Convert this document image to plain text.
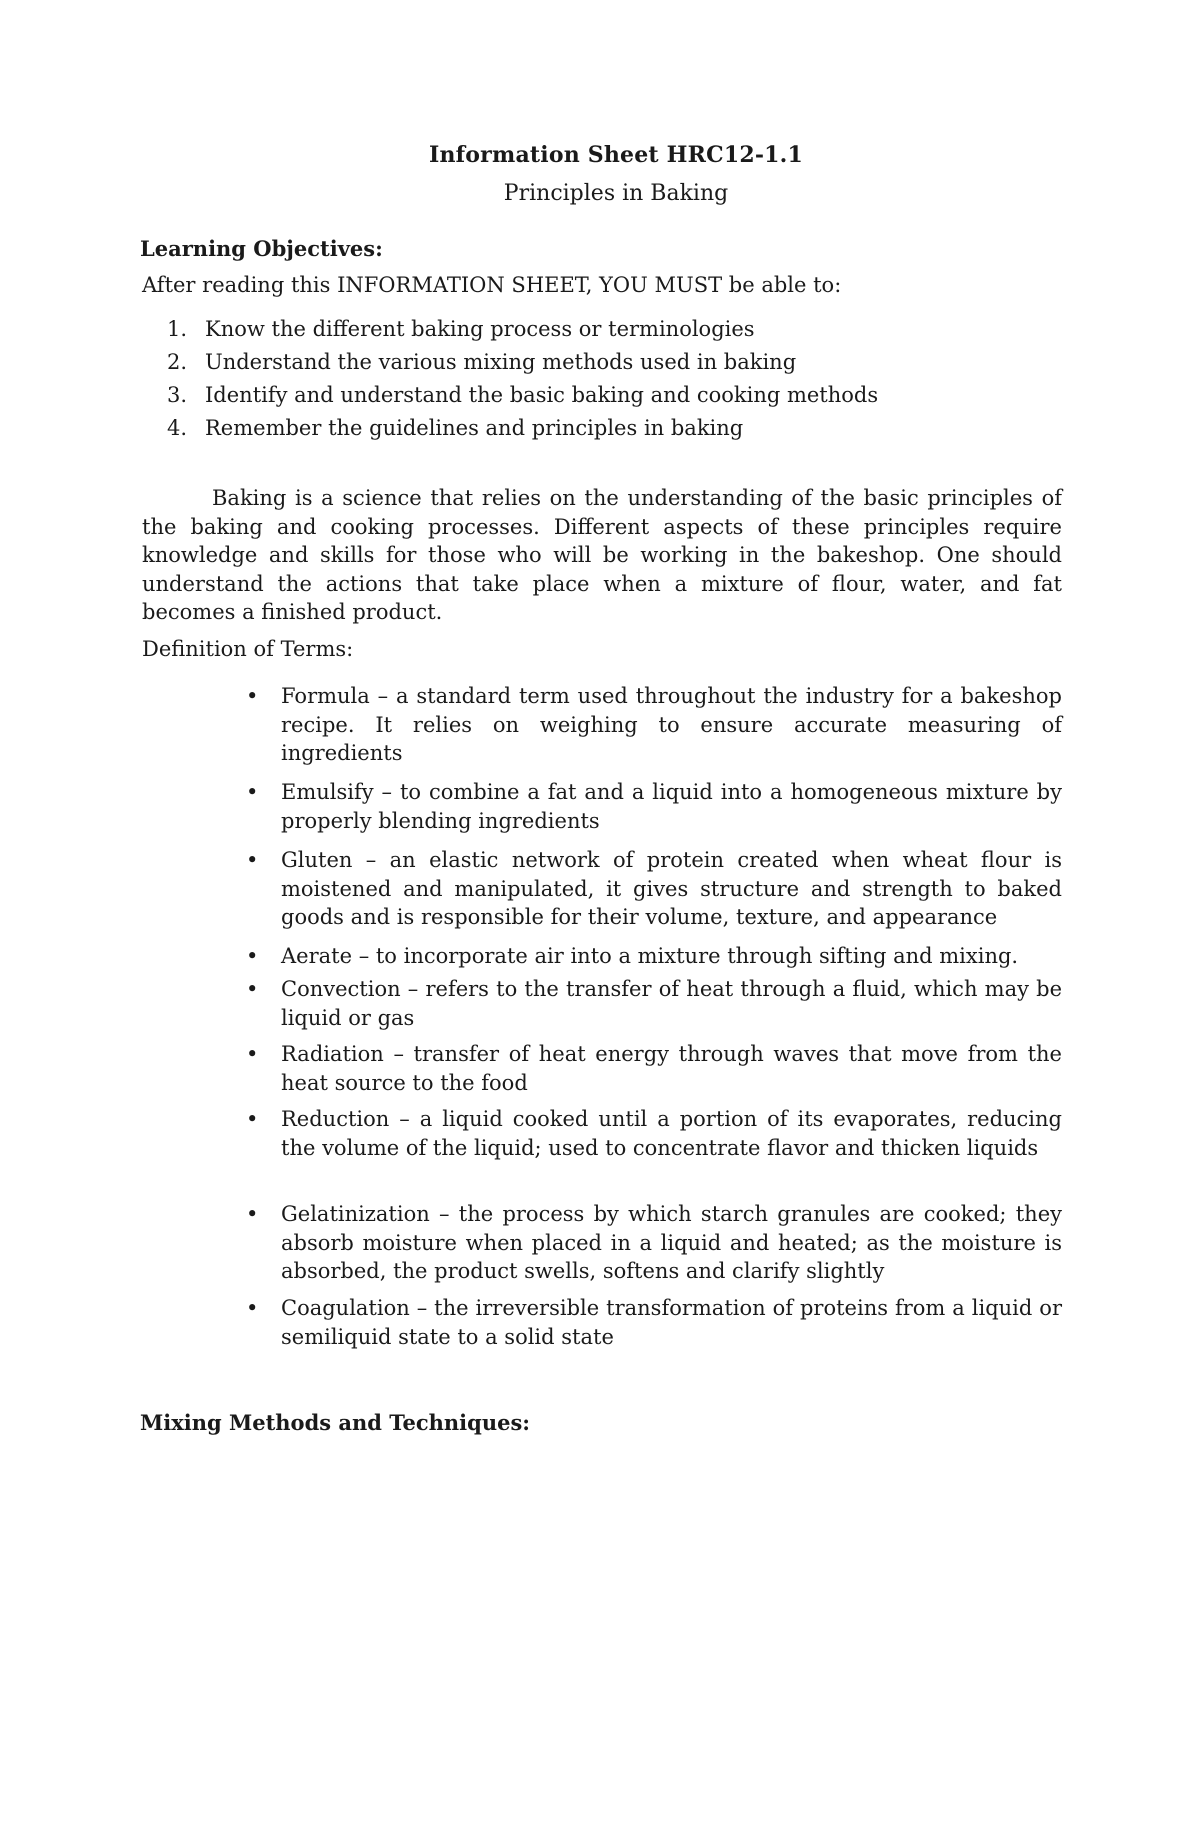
Information Sheet HRC12-1.1
Principles in Baking
Learning Objectives:
After reading this INFORMATION SHEET, YOU MUST be able to:
1. Know the different baking process or terminologies
2. Understand the various mixing methods used in baking
3. Identify and understand the basic baking and cooking methods
4. Remember the guidelines and principles in baking

Baking is a science that relies on the understanding of the basic principles of the baking and cooking processes. Different aspects of these principles require knowledge and skills for those who will be working in the bakeshop. One should understand the actions that take place when a mixture of flour, water, and fat becomes a finished product.

Definition of Terms:
• Formula – a standard term used throughout the industry for a bakeshop recipe. It relies on weighing to ensure accurate measuring of ingredients
• Emulsify – to combine a fat and a liquid into a homogeneous mixture by properly blending ingredients
• Gluten – an elastic network of protein created when wheat flour is moistened and manipulated, it gives structure and strength to baked goods and is responsible for their volume, texture, and appearance
• Aerate – to incorporate air into a mixture through sifting and mixing.
• Convection – refers to the transfer of heat through a fluid, which may be liquid or gas
• Radiation – transfer of heat energy through waves that move from the heat source to the food
• Reduction – a liquid cooked until a portion of its evaporates, reducing the volume of the liquid; used to concentrate flavor and thicken liquids
• Gelatinization – the process by which starch granules are cooked; they absorb moisture when placed in a liquid and heated; as the moisture is absorbed, the product swells, softens and clarify slightly
• Coagulation – the irreversible transformation of proteins from a liquid or semiliquid state to a solid state
Mixing Methods and Techniques:
